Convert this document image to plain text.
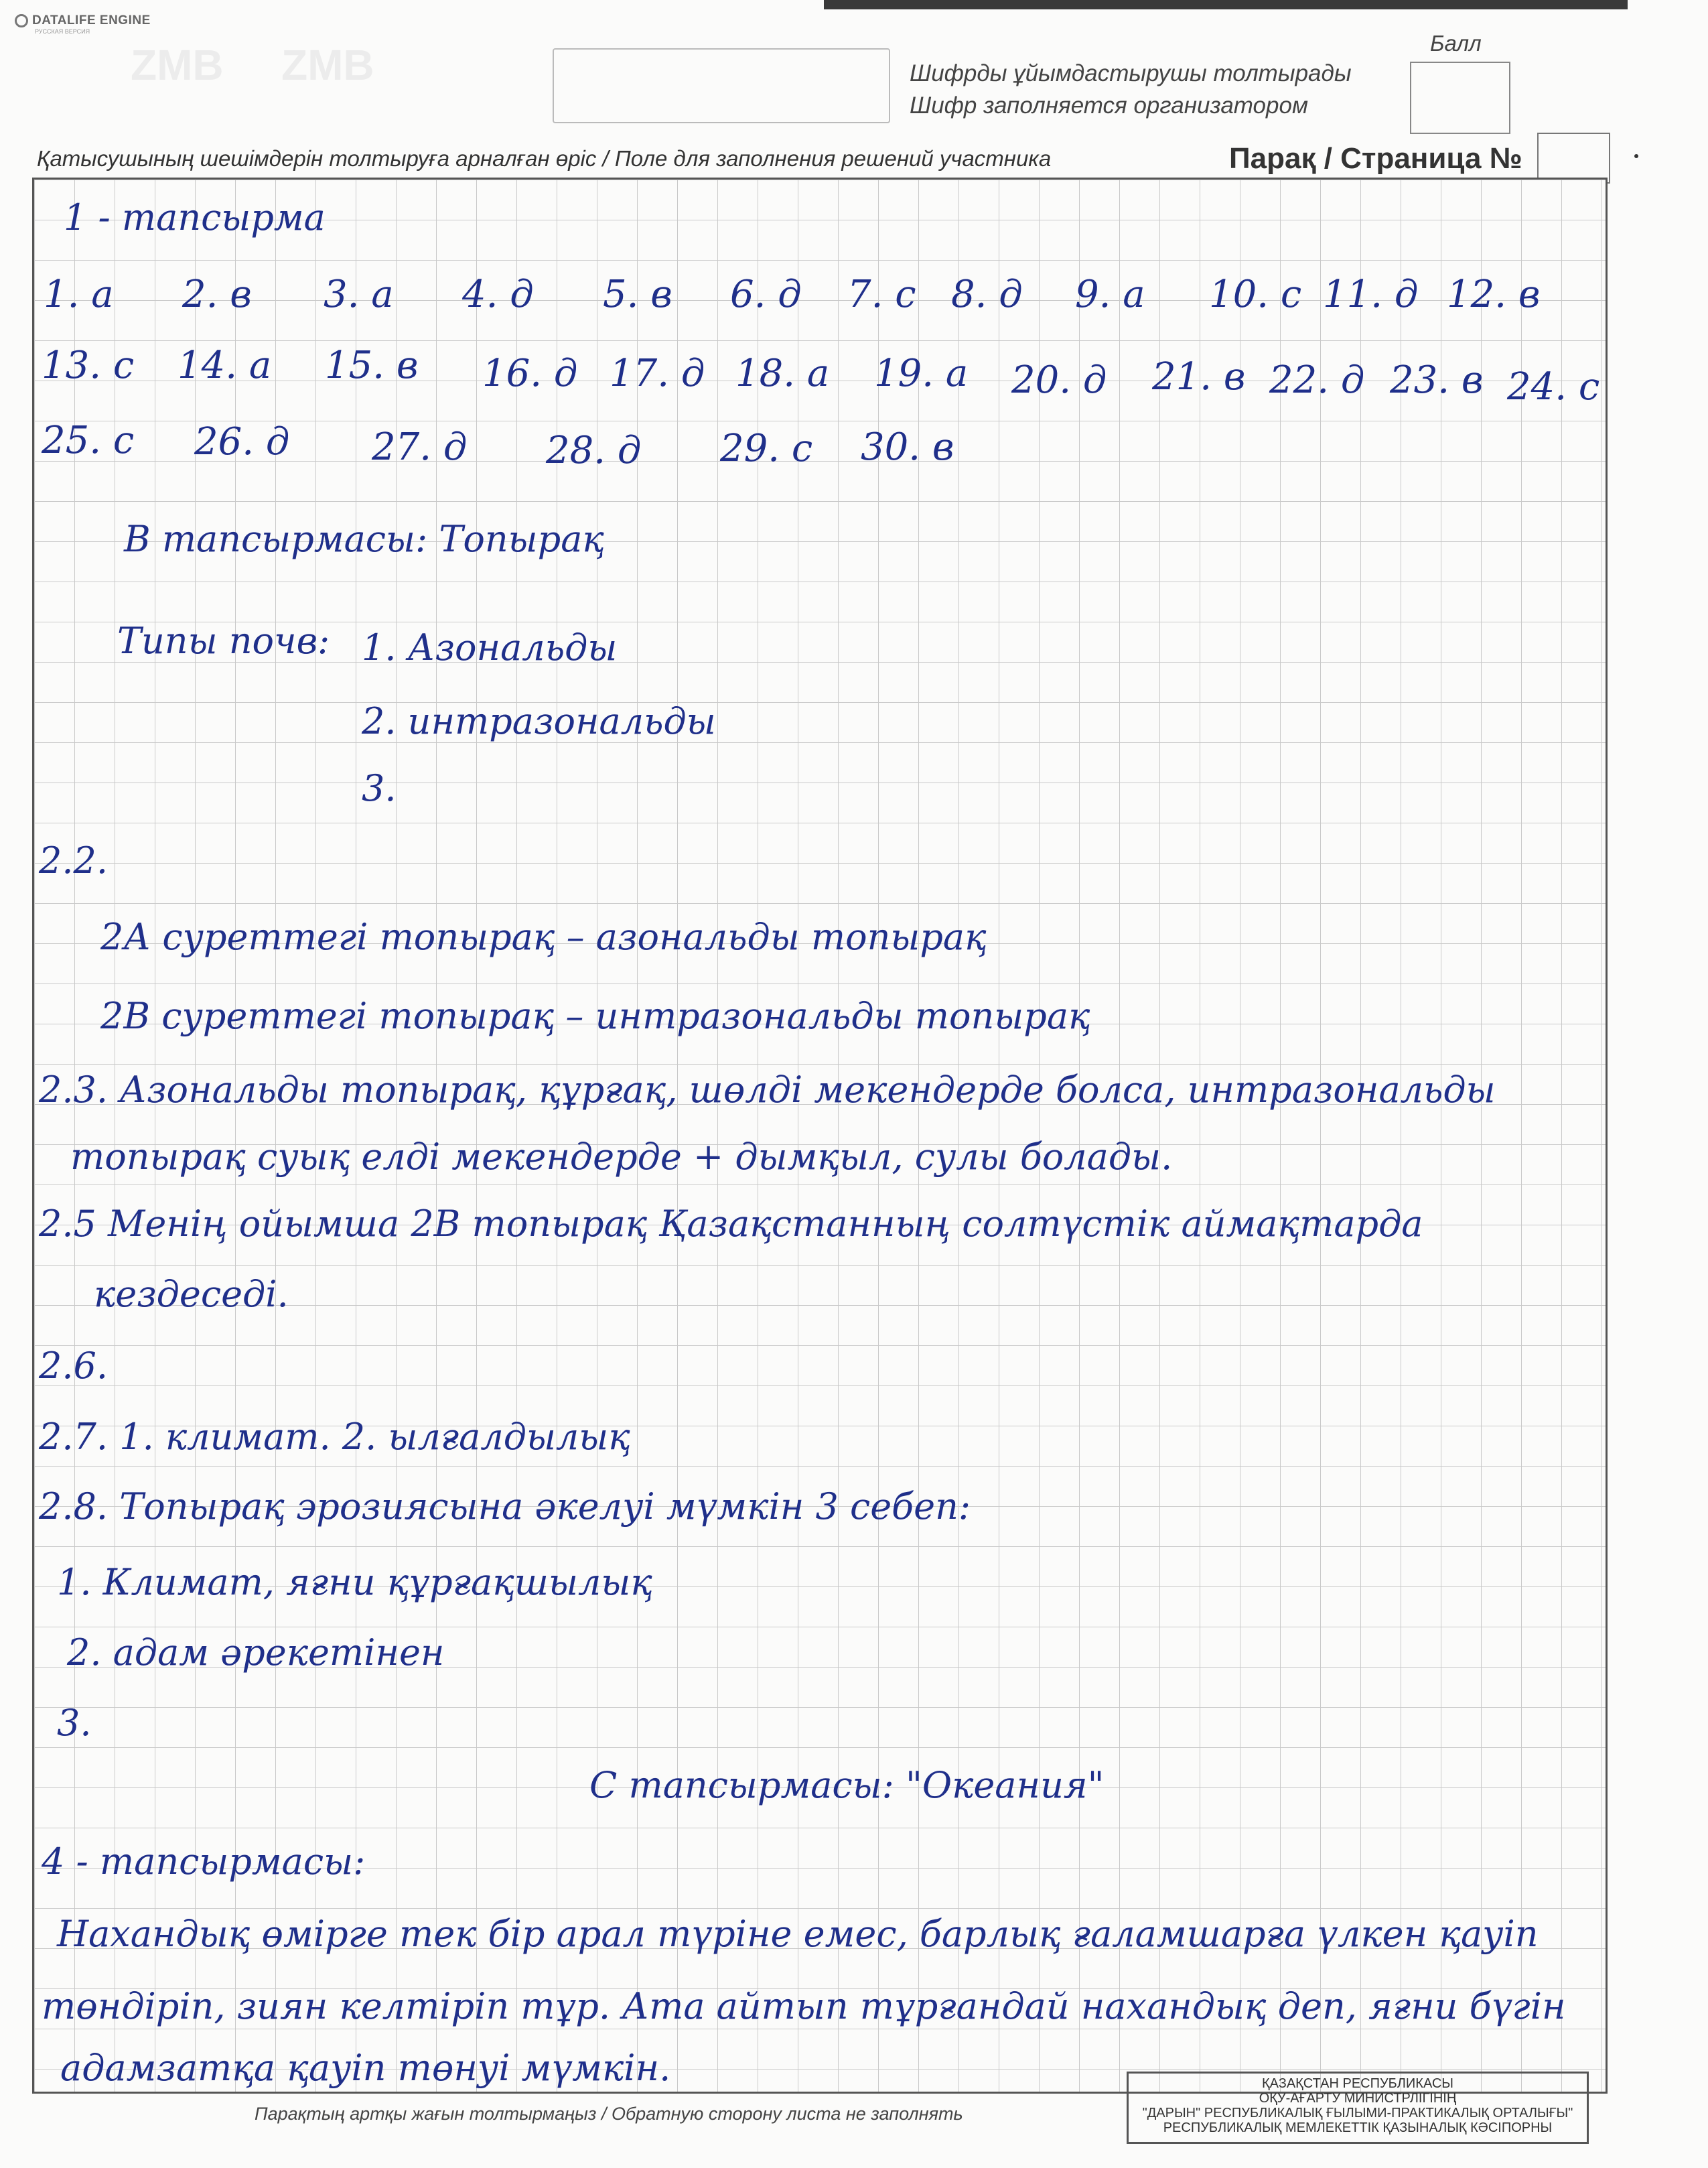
DATALIFE ENGINE
РУССКАЯ ВЕРСИЯ
ZMB ZMB	Шифрды ұйымдастырушы толтырады
Шифр заполняется организатором
Балл
Қатысушының шешімдерін толтыруға арналған өріс / Поле для заполнения решений участника	Парақ / Страница №
1 - тапсырма
1. а 2. в 3. а 4. д 5. в 6. д 7. с 8. д 9. а 10. с 11. д 12. в
13. с 14. а 15. в 16. д 17. д 18. а 19. а 20. д 21. в 22. д 23. в 24. с
25. с 26. д 27. д 28. д 29. с 30. в
В тапсырмасы: Топырақ
Типы почв: 1. Азональды
2. интразональды
3.
2.2.
2А суреттегі топырақ – азональды топырақ
2В суреттегі топырақ – интразональды топырақ
2.3. Азональды топырақ, құрғақ, шөлді мекендерде болса, интразональды
топырақ суық елді мекендерде + дымқыл, сулы болады.
2.5 Менің ойымша 2В топырақ Қазақстанның солтүстік аймақтарда
кездеседі.
2.6.
2.7. 1. климат. 2. ылғалдылық
2.8. Топырақ эрозиясына әкелуі мүмкін 3 себеп:
1. Климат, яғни құрғақшылық
2. адам әрекетінен
3.
С тапсырмасы: "Океания"
4 - тапсырмасы:
Нахандық өмірге тек бір арал түріне емес, барлық ғаламшарға үлкен қауіп
төндіріп, зиян келтіріп тұр. Ата айтып тұрғандай нахандық деп, яғни бүгін
адамзатқа қауіп төнуі мүмкін.
Парақтың артқы жағын толтырмаңыз / Обратную сторону листа не заполнять
ҚАЗАҚСТАН РЕСПУБЛИКАСЫ
ОҚУ-АҒАРТУ МИНИСТРЛІГІНІҢ
"ДАРЫН" РЕСПУБЛИКАЛЫҚ ҒЫЛЫМИ-ПРАКТИКАЛЫҚ ОРТАЛЫҒЫ"
РЕСПУБЛИКАЛЫҚ МЕМЛЕКЕТТІК ҚАЗЫНАЛЫҚ КӘСІПОРНЫ
